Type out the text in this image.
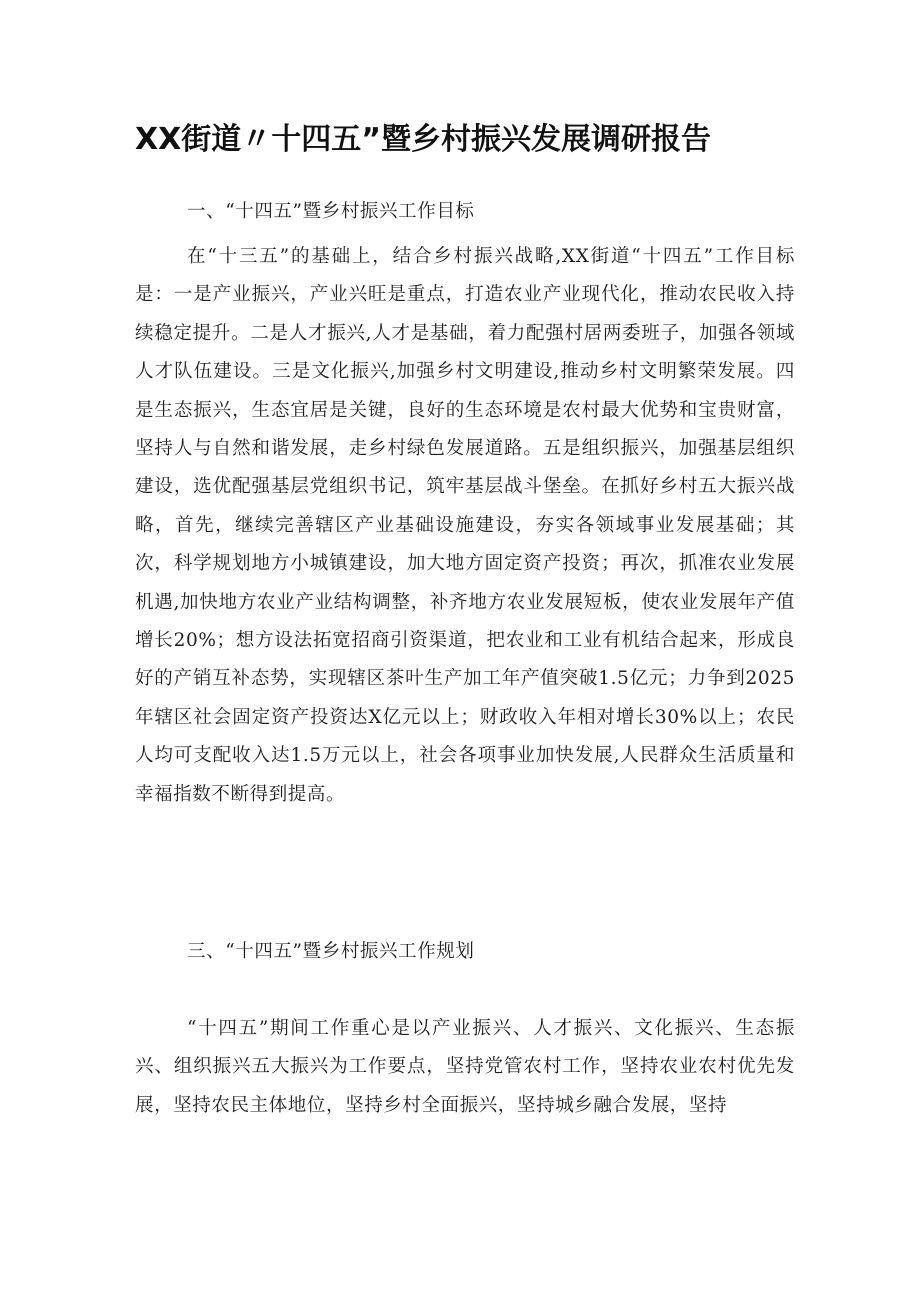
XX街道〃十四五”暨乡村振兴发展调研报告

一、“十四五”暨乡村振兴工作目标

在“十三五”的基础上，结合乡村振兴战略,XX街道“十四五”工作目标是：一是产业振兴，产业兴旺是重点，打造农业产业现代化，推动农民收入持续稳定提升。二是人才振兴,人才是基础，着力配强村居两委班子，加强各领域人才队伍建设。三是文化振兴,加强乡村文明建设,推动乡村文明繁荣发展。四是生态振兴，生态宜居是关键，良好的生态环境是农村最大优势和宝贵财富，坚持人与自然和谐发展，走乡村绿色发展道路。五是组织振兴，加强基层组织建设，选优配强基层党组织书记，筑牢基层战斗堡垒。在抓好乡村五大振兴战略，首先，继续完善辖区产业基础设施建设，夯实各领域事业发展基础；其次，科学规划地方小城镇建设，加大地方固定资产投资；再次，抓准农业发展机遇,加快地方农业产业结构调整，补齐地方农业发展短板，使农业发展年产值增长20%；想方设法拓宽招商引资渠道，把农业和工业有机结合起来，形成良好的产销互补态势，实现辖区茶叶生产加工年产值突破1.5亿元；力争到2025年辖区社会固定资产投资达X亿元以上；财政收入年相对增长30%以上；农民人均可支配收入达1.5万元以上，社会各项事业加快发展,人民群众生活质量和幸福指数不断得到提高。

三、“十四五”暨乡村振兴工作规划

“十四五”期间工作重心是以产业振兴、人才振兴、文化振兴、生态振兴、组织振兴五大振兴为工作要点，坚持党管农村工作，坚持农业农村优先发展，坚持农民主体地位，坚持乡村全面振兴，坚持城乡融合发展，坚持
